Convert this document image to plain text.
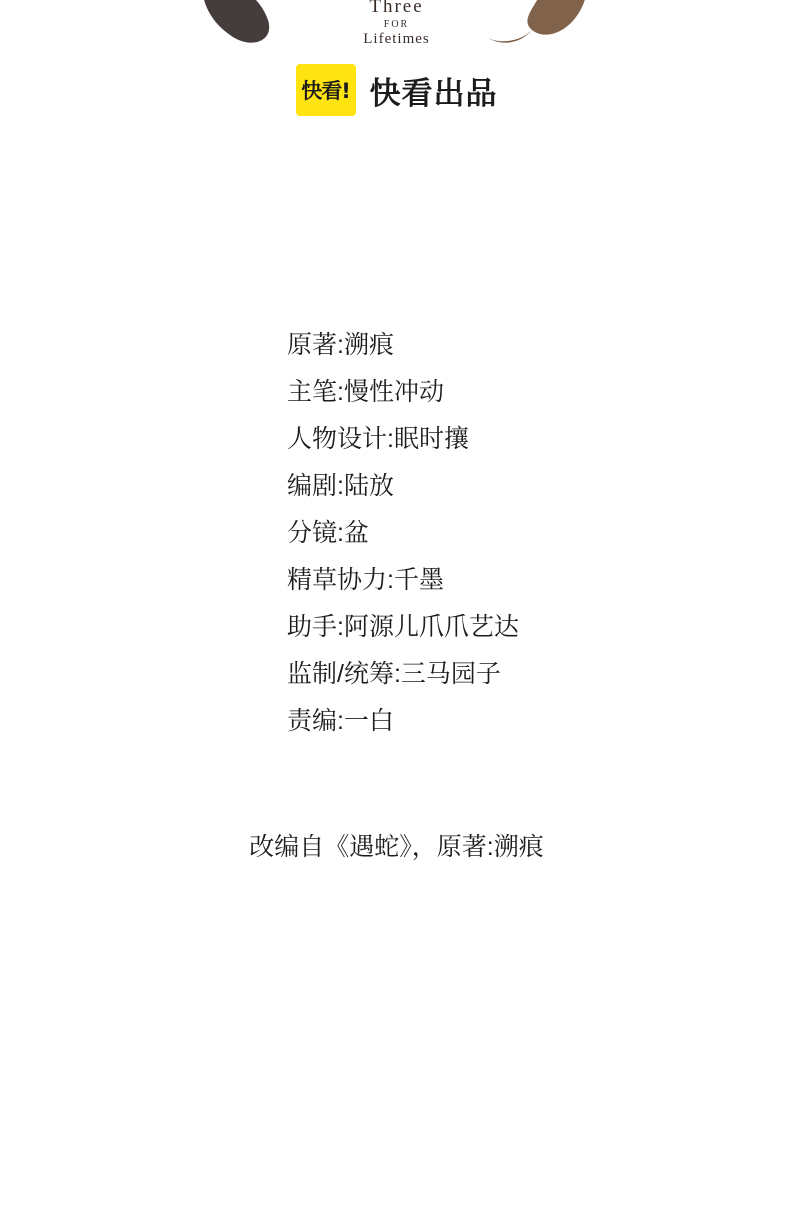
Three
FOR
Lifetimes
快看! 快看出品
原著:溯痕
主笔:慢性冲动
人物设计:眠时攘
编剧:陆放
分镜:盆
精草协力:千墨
助手:阿源儿爪爪艺达
监制/统筹:三马园子
责编:一白
改编自《遇蛇》，原著:溯痕
